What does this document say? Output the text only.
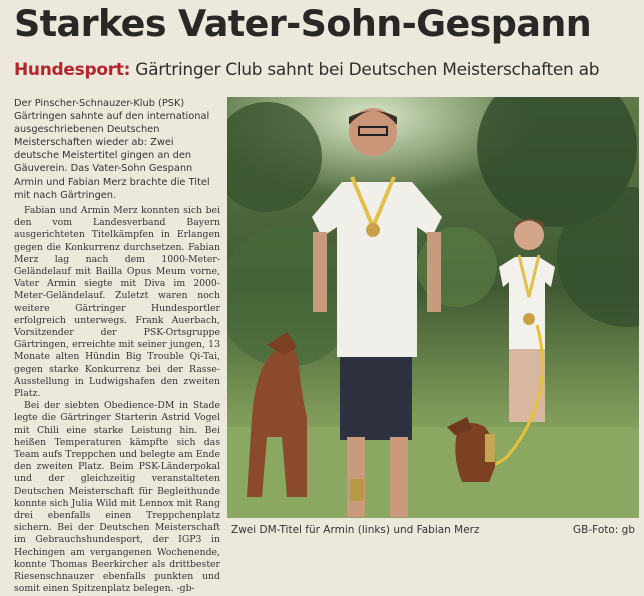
Starkes Vater-Sohn-Gespann
Hundesport: Gärtringer Club sahnt bei Deutschen Meisterschaften ab

Der Pinscher-Schnauzer-Klub (PSK) Gärtringen sahnte auf den international ausgeschriebenen Deutschen Meisterschaften wieder ab: Zwei deutsche Meistertitel gingen an den Gäuverein. Das Vater-Sohn Gespann Armin und Fabian Merz brachte die Titel mit nach Gärtringen.

Fabian und Armin Merz konnten sich bei den vom Landesverband Bayern ausgerichteten Titelkämpfen in Erlangen gegen die Konkurrenz durchsetzen. Fabian Merz lag nach dem 1000-Meter-Geländelauf mit Bailla Opus Meum vorne, Vater Armin siegte mit Diva im 2000-Meter-Geländelauf. Zuletzt waren noch weitere Gärtringer Hundesportler erfolgreich unterwegs. Frank Auerbach, Vorsitzender der PSK-Ortsgruppe Gärtringen, erreichte mit seiner jungen, 13 Monate alten Hündin Big Trouble Qi-Tai, gegen starke Konkurrenz bei der Rasse-Ausstellung in Ludwigshafen den zweiten Platz.

Bei der siebten Obedience-DM in Stade legte die Gärtringer Starterin Astrid Vogel mit Chili eine starke Leistung hin. Bei heißen Temperaturen kämpfte sich das Team aufs Treppchen und belegte am Ende den zweiten Platz. Beim PSK-Länderpokal und der gleichzeitig veranstalteten Deutschen Meisterschaft für Begleithunde konnte sich Julia Wild mit Lennox mit Rang drei ebenfalls einen Treppchenplatz sichern. Bei der Deutschen Meisterschaft im Gebrauchshundesport, der IGP3 in Hechingen am vergangenen Wochenende, konnte Thomas Beerkircher als drittbester Riesenschnauzer ebenfalls punkten und somit einen Spitzenplatz belegen. -gb-

Zwei DM-Titel für Armin (links) und Fabian Merz	GB-Foto: gb
